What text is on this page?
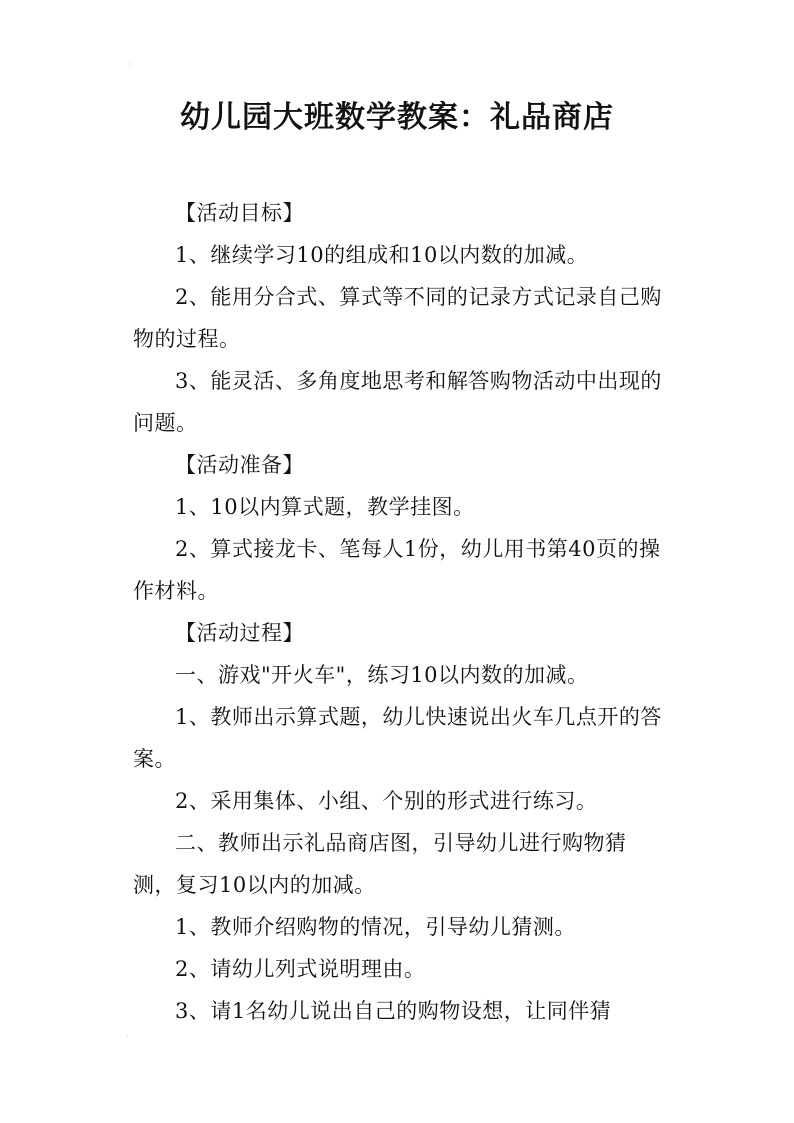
·
幼儿园大班数学教案：礼品商店

【活动目标】

1、继续学习10的组成和10以内数的加减。

2、能用分合式、算式等不同的记录方式记录自己购物的过程。

3、能灵活、多角度地思考和解答购物活动中出现的问题。

【活动准备】

1、10以内算式题，教学挂图。

2、算式接龙卡、笔每人1份，幼儿用书第40页的操作材料。

【活动过程】

一、游戏"开火车"，练习10以内数的加减。

1、教师出示算式题，幼儿快速说出火车几点开的答案。

2、采用集体、小组、个别的形式进行练习。

二、教师出示礼品商店图，引导幼儿进行购物猜测，复习10以内的加减。

1、教师介绍购物的情况，引导幼儿猜测。

2、请幼儿列式说明理由。

3、请1名幼儿说出自己的购物设想，让同伴猜

·
